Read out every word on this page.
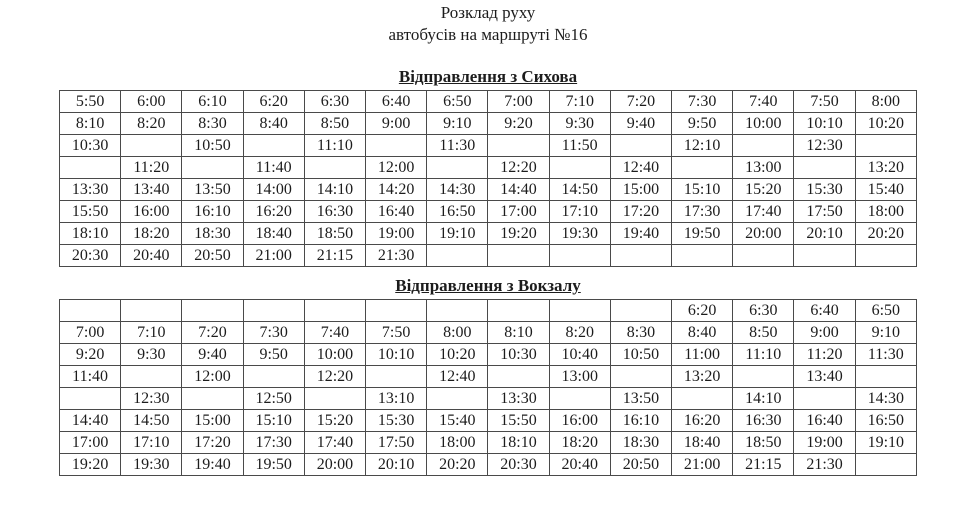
Розклад руху
автобусів на маршруті №16
Відправлення з Сихова
5:50	6:00	6:10	6:20	6:30	6:40	6:50	7:00	7:10	7:20	7:30	7:40	7:50	8:00
8:10	8:20	8:30	8:40	8:50	9:00	9:10	9:20	9:30	9:40	9:50	10:00	10:10	10:20
10:30		10:50		11:10		11:30		11:50		12:10		12:30	
	11:20		11:40		12:00		12:20		12:40		13:00		13:20
13:30	13:40	13:50	14:00	14:10	14:20	14:30	14:40	14:50	15:00	15:10	15:20	15:30	15:40
15:50	16:00	16:10	16:20	16:30	16:40	16:50	17:00	17:10	17:20	17:30	17:40	17:50	18:00
18:10	18:20	18:30	18:40	18:50	19:00	19:10	19:20	19:30	19:40	19:50	20:00	20:10	20:20
20:30	20:40	20:50	21:00	21:15	21:30								
Відправлення з Вокзалу
										6:20	6:30	6:40	6:50
7:00	7:10	7:20	7:30	7:40	7:50	8:00	8:10	8:20	8:30	8:40	8:50	9:00	9:10
9:20	9:30	9:40	9:50	10:00	10:10	10:20	10:30	10:40	10:50	11:00	11:10	11:20	11:30
11:40		12:00		12:20		12:40		13:00		13:20		13:40	
	12:30		12:50		13:10		13:30		13:50		14:10		14:30
14:40	14:50	15:00	15:10	15:20	15:30	15:40	15:50	16:00	16:10	16:20	16:30	16:40	16:50
17:00	17:10	17:20	17:30	17:40	17:50	18:00	18:10	18:20	18:30	18:40	18:50	19:00	19:10
19:20	19:30	19:40	19:50	20:00	20:10	20:20	20:30	20:40	20:50	21:00	21:15	21:30	
